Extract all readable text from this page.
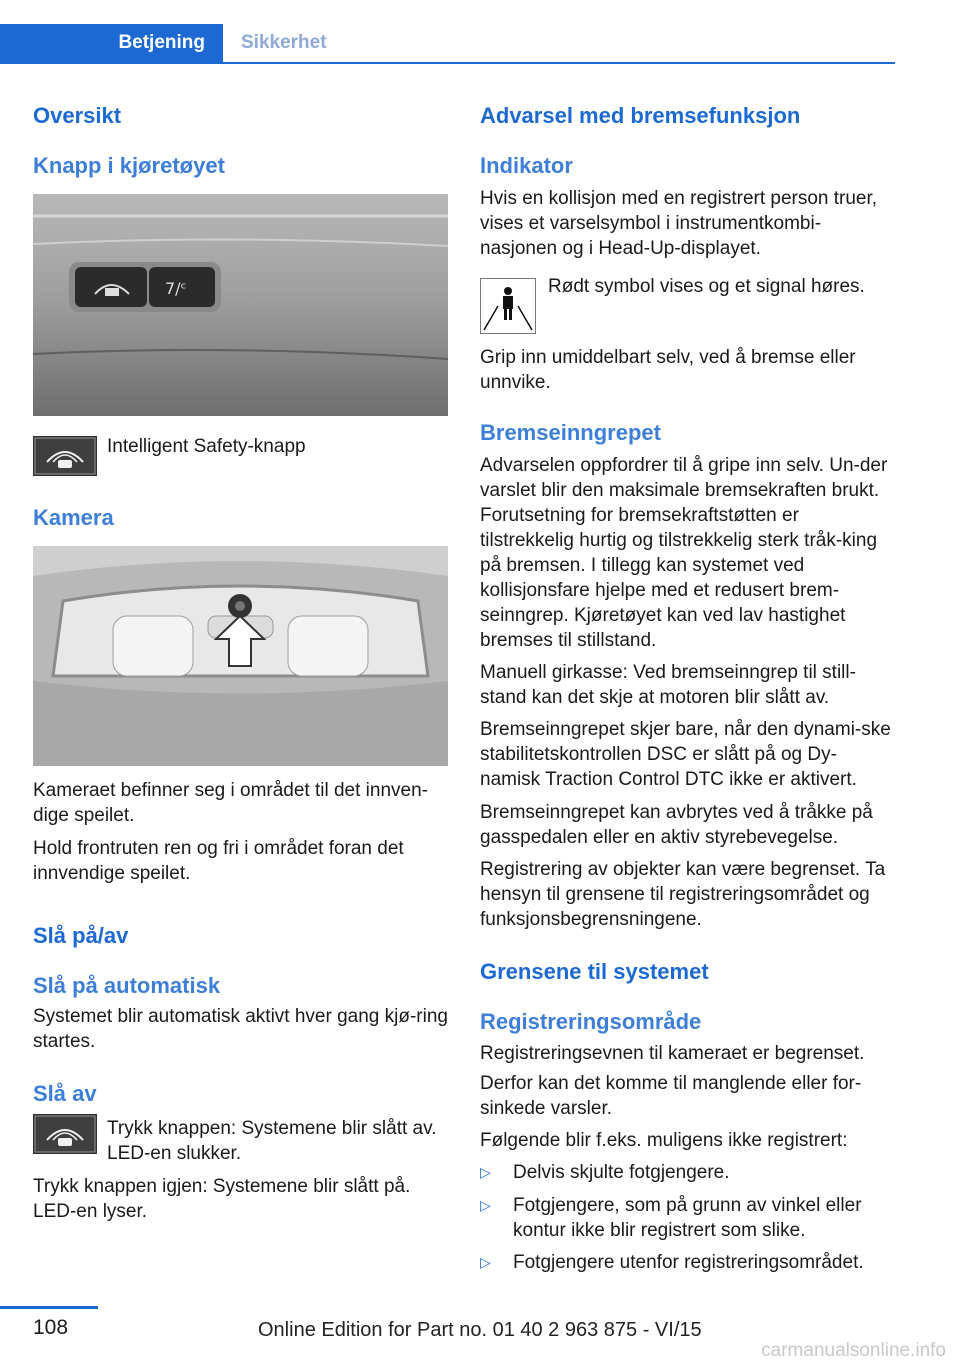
Betjening	Sikkerhet
Oversikt
Knapp i kjøretøyet
7/ᶜ

Intelligent Safety-knapp

Kamera

Kameraet befinner seg i området til det innven-dige speilet.

Hold frontruten ren og fri i området foran det innvendige speilet.

Slå på/av
Slå på automatisk

Systemet blir automatisk aktivt hver gang kjø-ring startes.

Slå av

Trykk knappen: Systemene blir slått av. LED-en slukker.

Trykk knappen igjen: Systemene blir slått på. LED-en lyser.

Advarsel med bremsefunksjon
Indikator

Hvis en kollisjon med en registrert person truer, vises et varselsymbol i instrumentkombi-nasjonen og i Head-Up-displayet.

Rødt symbol vises og et signal høres.

Grip inn umiddelbart selv, ved å bremse eller unnvike.

Bremseinngrepet

Advarselen oppfordrer til å gripe inn selv. Un-der varslet blir den maksimale bremsekraften brukt. Forutsetning for bremsekraftstøtten er tilstrekkelig hurtig og tilstrekkelig sterk tråk-king på bremsen. I tillegg kan systemet ved kollisjonsfare hjelpe med et redusert brem-seinngrep. Kjøretøyet kan ved lav hastighet bremses til stillstand.

Manuell girkasse: Ved bremseinngrep til still-stand kan det skje at motoren blir slått av.

Bremseinngrepet skjer bare, når den dynami-ske stabilitetskontrollen DSC er slått på og Dy-namisk Traction Control DTC ikke er aktivert.

Bremseinngrepet kan avbrytes ved å tråkke på gasspedalen eller en aktiv styrebevegelse.

Registrering av objekter kan være begrenset. Ta hensyn til grensene til registreringsområdet og funksjonsbegrensningene.

Grensene til systemet
Registreringsområde

Registreringsevnen til kameraet er begrenset.

Derfor kan det komme til manglende eller for-sinkede varsler.

Følgende blir f.eks. muligens ikke registrert:

▷ Delvis skjulte fotgjengere.

▷ Fotgjengere, som på grunn av vinkel eller kontur ikke blir registrert som slike.

▷ Fotgjengere utenfor registreringsområdet.

108	Online Edition for Part no. 01 40 2 963 875 - VI/15
carmanualsonline.info
